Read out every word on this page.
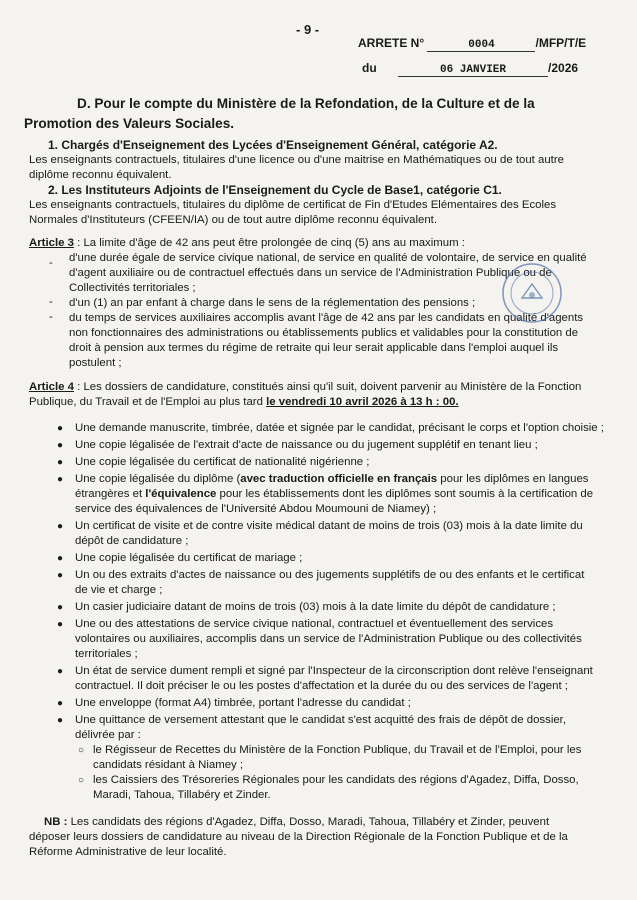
- 9 -
ARRETE N°	0004	/MFP/T/E
du	06 JANVIER	/2026
D. Pour le compte du Ministère de la Refondation, de la Culture et de la
Promotion des Valeurs Sociales.
1. Chargés d'Enseignement des Lycées d'Enseignement Général, catégorie A2.
Les enseignants contractuels, titulaires d'une licence ou d'une maitrise en Mathématiques ou de tout autre
diplôme reconnu équivalent.
2. Les Instituteurs Adjoints de l'Enseignement du Cycle de Base1, catégorie C1.
Les enseignants contractuels, titulaires du diplôme de certificat de Fin d'Etudes Elémentaires des Ecoles
Normales d'Instituteurs (CFEEN/IA) ou de tout autre diplôme reconnu équivalent.
Article 3 : La limite d'âge de 42 ans peut être prolongée de cinq (5) ans au maximum :
- d'une durée égale de service civique national, de service en qualité de volontaire, de service en qualité
d'agent auxiliaire ou de contractuel effectués dans un service de l'Administration Publique ou de
Collectivités territoriales ;
- d'un (1) an par enfant à charge dans le sens de la réglementation des pensions ;
- du temps de services auxiliaires accomplis avant l'âge de 42 ans par les candidats en qualité d'agents
non fonctionnaires des administrations ou établissements publics et validables pour la constitution de
droit à pension aux termes du régime de retraite qui leur serait applicable dans l'emploi auquel ils
postulent ;
Article 4 : Les dossiers de candidature, constitués ainsi qu'il suit, doivent parvenir au Ministère de la Fonction
Publique, du Travail et de l'Emploi au plus tard le vendredi 10 avril 2026 à 13 h : 00.
● Une demande manuscrite, timbrée, datée et signée par le candidat, précisant le corps et l'option choisie ;
● Une copie légalisée de l'extrait d'acte de naissance ou du jugement supplétif en tenant lieu ;
● Une copie légalisée du certificat de nationalité nigérienne ;
● Une copie légalisée du diplôme (avec traduction officielle en français pour les diplômes en langues
étrangères et l'équivalence pour les établissements dont les diplômes sont soumis à la certification de
service des équivalences de l'Université Abdou Moumouni de Niamey) ;
● Un certificat de visite et de contre visite médical datant de moins de trois (03) mois à la date limite du
dépôt de candidature ;
● Une copie légalisée du certificat de mariage ;
● Un ou des extraits d'actes de naissance ou des jugements supplétifs de ou des enfants et le certificat
de vie et charge ;
● Un casier judiciaire datant de moins de trois (03) mois à la date limite du dépôt de candidature ;
● Une ou des attestations de service civique national, contractuel et éventuellement des services
volontaires ou auxiliaires, accomplis dans un service de l'Administration Publique ou des collectivités
territoriales ;
● Un état de service dument rempli et signé par l'Inspecteur de la circonscription dont relève l'enseignant
contractuel. Il doit préciser le ou les postes d'affectation et la durée du ou des services de l'agent ;
● Une enveloppe (format A4) timbrée, portant l'adresse du candidat ;
● Une quittance de versement attestant que le candidat s'est acquitté des frais de dépôt de dossier,
délivrée par :
○ le Régisseur de Recettes du Ministère de la Fonction Publique, du Travail et de l'Emploi, pour les
candidats résidant à Niamey ;
○ les Caissiers des Trésoreries Régionales pour les candidats des régions d'Agadez, Diffa, Dosso,
Maradi, Tahoua, Tillabéry et Zinder.
NB : Les candidats des régions d'Agadez, Diffa, Dosso, Maradi, Tahoua, Tillabéry et Zinder, peuvent
déposer leurs dossiers de candidature au niveau de la Direction Régionale de la Fonction Publique et de la
Réforme Administrative de leur localité.
